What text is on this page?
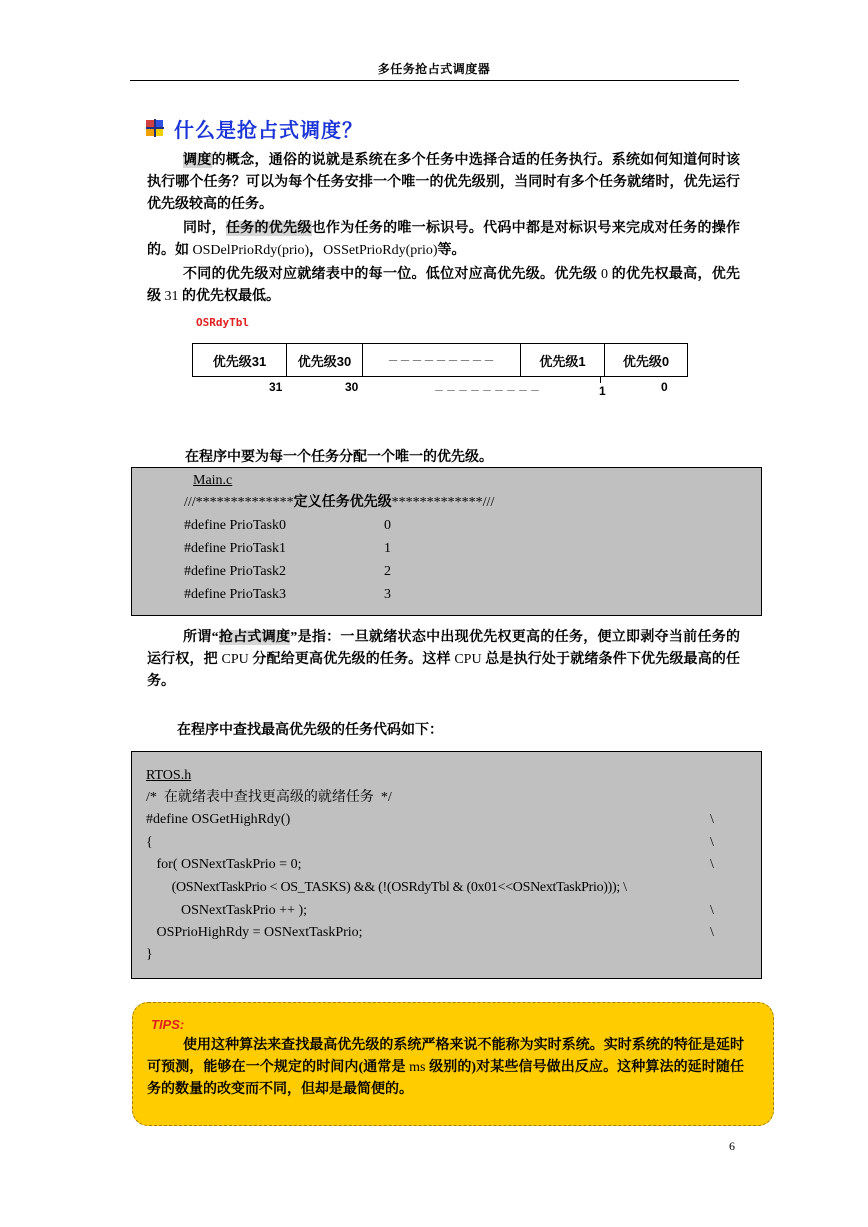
多任务抢占式调度器
什么是抢占式调度？

调度的概念，通俗的说就是系统在多个任务中选择合适的任务执行。系统如何知道何时该执行哪个任务？可以为每个任务安排一个唯一的优先级别，当同时有多个任务就绪时，优先运行优先级较高的任务。

同时，任务的优先级也作为任务的唯一标识号。代码中都是对标识号来完成对任务的操作的。如 OSDelPrioRdy(prio)，OSSetPrioRdy(prio)等。

不同的优先级对应就绪表中的每一位。低位对应高优先级。优先级 0 的优先权最高，优先级 31 的优先权最低。

OSRdyTbl
优先级31	优先级30	－－－－－－－－－	优先级1	优先级0
31	30	－－－－－－－－－	1	0

在程序中要为每一个任务分配一个唯一的优先级。

Main.c
///**************定义任务优先级*************///
#define PrioTask0	0
#define PrioTask1	1
#define PrioTask2	2
#define PrioTask3	3

所谓“抢占式调度”是指：一旦就绪状态中出现优先权更高的任务，便立即剥夺当前任务的运行权，把 CPU 分配给更高优先级的任务。这样 CPU 总是执行处于就绪条件下优先级最高的任务。

在程序中查找最高优先级的任务代码如下：

RTOS.h
/*  在就绪表中查找更高级的就绪任务  */
#define OSGetHighRdy()	\
{	\
for( OSNextTaskPrio = 0;	\
(OSNextTaskPrio < OS_TASKS) && (!(OSRdyTbl & (0x01<<OSNextTaskPrio))); \
OSNextTaskPrio ++ );	\
OSPrioHighRdy = OSNextTaskPrio;	\
}
TIPS:

使用这种算法来查找最高优先级的系统严格来说不能称为实时系统。实时系统的特征是延时可预测，能够在一个规定的时间内(通常是 ms 级别的)对某些信号做出反应。这种算法的延时随任务的数量的改变而不同，但却是最简便的。

6
